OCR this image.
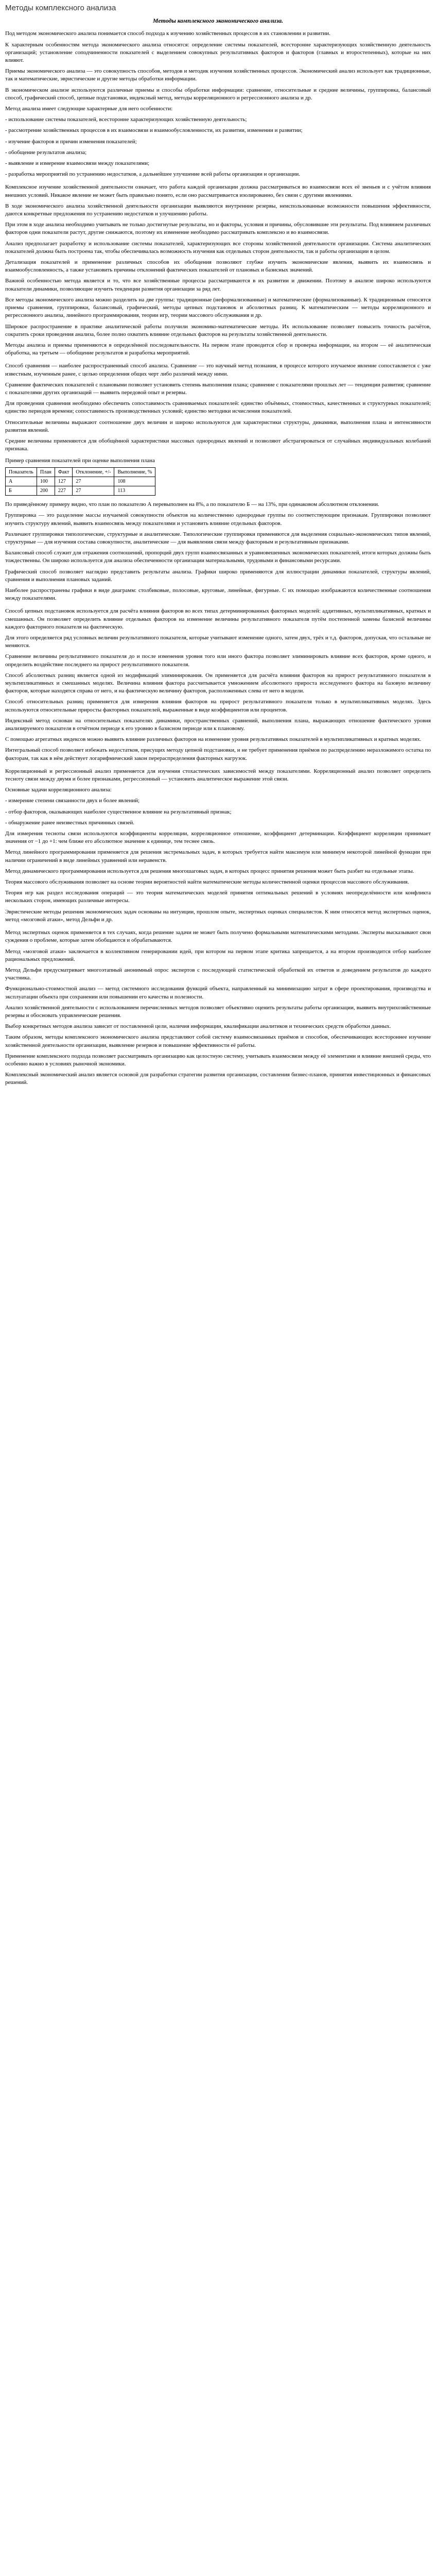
Методы комплексного анализа
Методы комплексного экономического анализа.

Под методом экономического анализа понимается способ подхода к изучению хозяйственных процессов в их становлении и развитии.

К характерным особенностям метода экономического анализа относятся: определение системы показателей, всесторонне характеризующих хозяйственную деятельность организаций; установление соподчиненности показателей с выделением совокупных результативных факторов и факторов (главных и второстепенных), которые на них влияют.

Приемы экономического анализа — это совокупность способов, методов и методик изучения хозяйственных процессов. Экономический анализ использует как традиционные, так и математические, эвристические и другие методы обработки информации.

В экономическом анализе используются различные приемы и способы обработки информации: сравнение, относительные и средние величины, группировка, балансовый способ, графический способ, цепные подстановки, индексный метод, методы корреляционного и регрессионного анализа и др.

Метод анализа имеет следующие характерные для него особенности:

- использование системы показателей, всесторонне характеризующих хозяйственную деятельность;

- рассмотрение хозяйственных процессов в их взаимосвязи и взаимообусловленности, их развитии, изменении и развитии;

- изучение факторов и причин изменения показателей;

- обобщение результатов анализа;

- выявление и измерение взаимосвязи между показателями;

- разработка мероприятий по устранению недостатков, а дальнейшее улучшение всей работы организации и организации.

Комплексное изучение хозяйственной деятельности означает, что работа каждой организации должна рассматриваться во взаимосвязи всех её звеньев и с учётом влияния внешних условий. Никакое явление не может быть правильно понято, если оно рассматривается изолированно, без связи с другими явлениями.

В ходе экономического анализа хозяйственной деятельности организации выявляются внутренние резервы, неиспользованные возможности повышения эффективности, даются конкретные предложения по устранению недостатков и улучшению работы.

При этом в ходе анализа необходимо учитывать не только достигнутые результаты, но и факторы, условия и причины, обусловившие эти результаты. Под влиянием различных факторов одни показатели растут, другие снижаются, поэтому их изменение необходимо рассматривать комплексно и во взаимосвязи.

Анализ предполагает разработку и использование системы показателей, характеризующих все стороны хозяйственной деятельности организации. Система аналитических показателей должна быть построена так, чтобы обеспечивалась возможность изучения как отдельных сторон деятельности, так и работы организации в целом.

Детализация показателей и применение различных способов их обобщения позволяют глубже изучить экономические явления, выявить их взаимосвязь и взаимообусловленность, а также установить причины отклонений фактических показателей от плановых и базисных значений.

Важной особенностью метода является и то, что все хозяйственные процессы рассматриваются в их развитии и движении. Поэтому в анализе широко используются показатели динамики, позволяющие изучить тенденции развития организации за ряд лет.

Все методы экономического анализа можно разделить на две группы: традиционные (неформализованные) и математические (формализованные). К традиционным относятся приемы сравнения, группировки, балансовый, графический, методы цепных подстановок и абсолютных разниц. К математическим — методы корреляционного и регрессионного анализа, линейного программирования, теории игр, теории массового обслуживания и др.

Широкое распространение в практике аналитической работы получили экономико-математические методы. Их использование позволяет повысить точность расчётов, сократить сроки проведения анализа, более полно охватить влияние отдельных факторов на результаты хозяйственной деятельности.

Методы анализа и приемы применяются в определённой последовательности. На первом этапе проводится сбор и проверка информации, на втором — её аналитическая обработка, на третьем — обобщение результатов и разработка мероприятий.

Способ сравнения — наиболее распространенный способ анализа. Сравнение — это научный метод познания, в процессе которого изучаемое явление сопоставляется с уже известным, изученным ранее, с целью определения общих черт либо различий между ними.

Сравнение фактических показателей с плановыми позволяет установить степень выполнения плана; сравнение с показателями прошлых лет — тенденции развития; сравнение с показателями других организаций — выявить передовой опыт и резервы.

Для проведения сравнения необходимо обеспечить сопоставимость сравниваемых показателей: единство объёмных, стоимостных, качественных и структурных показателей; единство периодов времени; сопоставимость производственных условий; единство методики исчисления показателей.

Относительные величины выражают соотношение двух величин и широко используются для характеристики структуры, динамики, выполнения плана и интенсивности развития явлений.

Средние величины применяются для обобщённой характеристики массовых однородных явлений и позволяют абстрагироваться от случайных индивидуальных колебаний признака.

Пример сравнения показателей при оценке выполнения плана
Показатель	План	Факт	Отклонение, +/-	Выполнение, %
А	100	127	27	108
Б	200	227	27	113

По приведённому примеру видно, что план по показателю А перевыполнен на 8%, а по показателю Б — на 13%, при одинаковом абсолютном отклонении.

Группировка — это разделение массы изучаемой совокупности объектов на количественно однородные группы по соответствующим признакам. Группировки позволяют изучить структуру явлений, выявить взаимосвязь между показателями и установить влияние отдельных факторов.

Различают группировки типологические, структурные и аналитические. Типологические группировки применяются для выделения социально-экономических типов явлений, структурные — для изучения состава совокупности, аналитические — для выявления связи между факторным и результативным признаками.

Балансовый способ служит для отражения соотношений, пропорций двух групп взаимосвязанных и уравновешенных экономических показателей, итоги которых должны быть тождественны. Он широко используется для анализа обеспеченности организации материальными, трудовыми и финансовыми ресурсами.

Графический способ позволяет наглядно представить результаты анализа. Графики широко применяются для иллюстрации динамики показателей, структуры явлений, сравнения и выполнения плановых заданий.

Наиболее распространены графики в виде диаграмм: столбиковые, полосовые, круговые, линейные, фигурные. С их помощью изображаются количественные соотношения между показателями.

Способ цепных подстановок используется для расчёта влияния факторов во всех типах детерминированных факторных моделей: аддитивных, мультипликативных, кратных и смешанных. Он позволяет определить влияние отдельных факторов на изменение величины результативного показателя путём постепенной замены базисной величины каждого факторного показателя на фактическую.

Для этого определяется ряд условных величин результативного показателя, которые учитывают изменение одного, затем двух, трёх и т.д. факторов, допуская, что остальные не меняются.

Сравнение величины результативного показателя до и после изменения уровня того или иного фактора позволяет элиминировать влияние всех факторов, кроме одного, и определить воздействие последнего на прирост результативного показателя.

Способ абсолютных разниц является одной из модификаций элиминирования. Он применяется для расчёта влияния факторов на прирост результативного показателя в мультипликативных и смешанных моделях. Величина влияния фактора рассчитывается умножением абсолютного прироста исследуемого фактора на базовую величину факторов, которые находятся справа от него, и на фактическую величину факторов, расположенных слева от него в модели.

Способ относительных разниц применяется для измерения влияния факторов на прирост результативного показателя только в мультипликативных моделях. Здесь используются относительные приросты факторных показателей, выраженные в виде коэффициентов или процентов.

Индексный метод основан на относительных показателях динамики, пространственных сравнений, выполнения плана, выражающих отношение фактического уровня анализируемого показателя в отчётном периоде к его уровню в базисном периоде или к плановому.

С помощью агрегатных индексов можно выявить влияние различных факторов на изменение уровня результативных показателей в мультипликативных и кратных моделях.

Интегральный способ позволяет избежать недостатков, присущих методу цепной подстановки, и не требует применения приёмов по распределению неразложимого остатка по факторам, так как в нём действует логарифмический закон перераспределения факторных нагрузок.

Корреляционный и регрессионный анализ применяется для изучения стохастических зависимостей между показателями. Корреляционный анализ позволяет определить тесноту связи между двумя и более признаками, регрессионный — установить аналитическое выражение этой связи.

Основные задачи корреляционного анализа:

- измерение степени связанности двух и более явлений;

- отбор факторов, оказывающих наиболее существенное влияние на результативный признак;

- обнаружение ранее неизвестных причинных связей.

Для измерения тесноты связи используются коэффициенты корреляции, корреляционное отношение, коэффициент детерминации. Коэффициент корреляции принимает значения от −1 до +1: чем ближе его абсолютное значение к единице, тем теснее связь.

Метод линейного программирования применяется для решения экстремальных задач, в которых требуется найти максимум или минимум некоторой линейной функции при наличии ограничений в виде линейных уравнений или неравенств.

Метод динамического программирования используется для решения многошаговых задач, в которых процесс принятия решения может быть разбит на отдельные этапы.

Теория массового обслуживания позволяет на основе теории вероятностей найти математические методы количественной оценки процессов массового обслуживания.

Теория игр как раздел исследования операций — это теория математических моделей принятия оптимальных решений в условиях неопределённости или конфликта нескольких сторон, имеющих различные интересы.

Эвристические методы решения экономических задач основаны на интуиции, прошлом опыте, экспертных оценках специалистов. К ним относятся метод экспертных оценок, метод «мозговой атаки», метод Дельфи и др.

Метод экспертных оценок применяется в тех случаях, когда решение задачи не может быть получено формальными математическими методами. Эксперты высказывают свои суждения о проблеме, которые затем обобщаются и обрабатываются.

Метод «мозговой атаки» заключается в коллективном генерировании идей, при котором на первом этапе критика запрещается, а на втором производится отбор наиболее рациональных предложений.

Метод Дельфи предусматривает многоэтапный анонимный опрос экспертов с последующей статистической обработкой их ответов и доведением результатов до каждого участника.

Функционально-стоимостной анализ — метод системного исследования функций объекта, направленный на минимизацию затрат в сфере проектирования, производства и эксплуатации объекта при сохранении или повышении его качества и полезности.

Анализ хозяйственной деятельности с использованием перечисленных методов позволяет объективно оценить результаты работы организации, выявить внутрихозяйственные резервы и обосновать управленческие решения.

Выбор конкретных методов анализа зависит от поставленной цели, наличия информации, квалификации аналитиков и технических средств обработки данных.

Таким образом, методы комплексного экономического анализа представляют собой систему взаимосвязанных приёмов и способов, обеспечивающих всестороннее изучение хозяйственной деятельности организации, выявление резервов и повышение эффективности её работы.

Применение комплексного подхода позволяет рассматривать организацию как целостную систему, учитывать взаимосвязи между её элементами и влияние внешней среды, что особенно важно в условиях рыночной экономики.

Комплексный экономический анализ является основой для разработки стратегии развития организации, составления бизнес-планов, принятия инвестиционных и финансовых решений.
